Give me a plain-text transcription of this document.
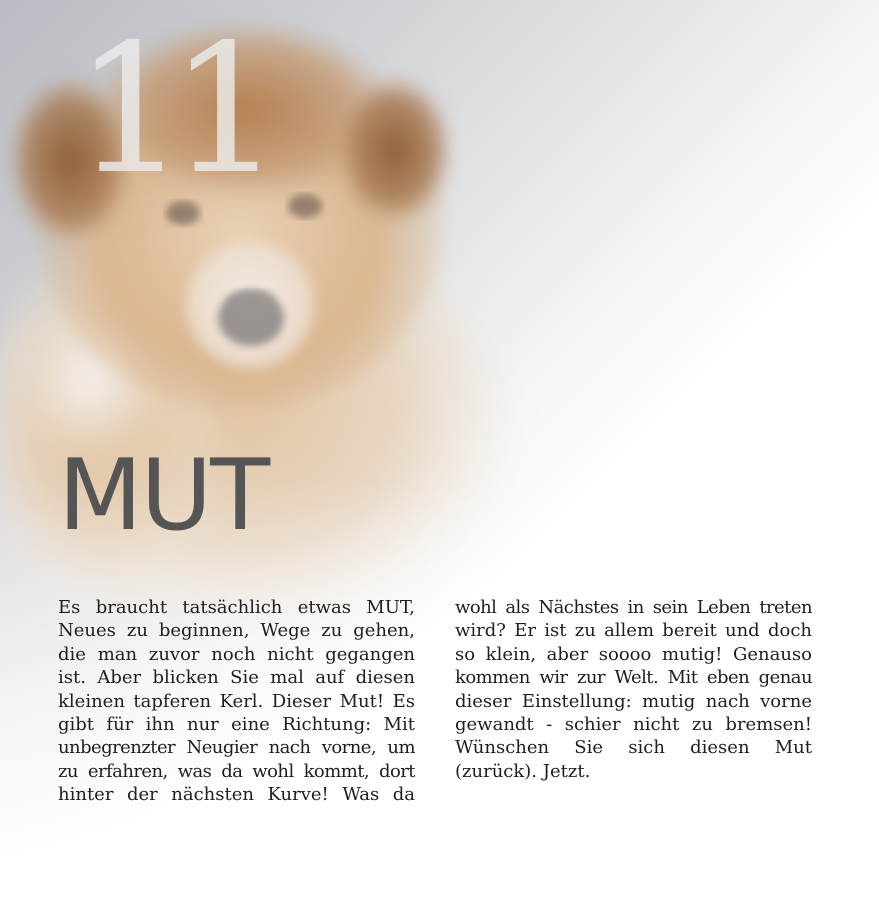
11
MUT
Es braucht tatsächlich etwas MUT,
Neues zu beginnen, Wege zu gehen,
die man zuvor noch nicht gegangen
ist. Aber blicken Sie mal auf diesen
kleinen tapferen Kerl. Dieser Mut! Es
gibt für ihn nur eine Richtung: Mit
unbegrenzter Neugier nach vorne, um
zu erfahren, was da wohl kommt, dort
hinter der nächsten Kurve! Was da
wohl als Nächstes in sein Leben treten
wird? Er ist zu allem bereit und doch
so klein, aber soooo mutig! Genauso
kommen wir zur Welt. Mit eben genau
dieser Einstellung: mutig nach vorne
gewandt - schier nicht zu bremsen!
Wünschen Sie sich diesen Mut
(zurück). Jetzt.
